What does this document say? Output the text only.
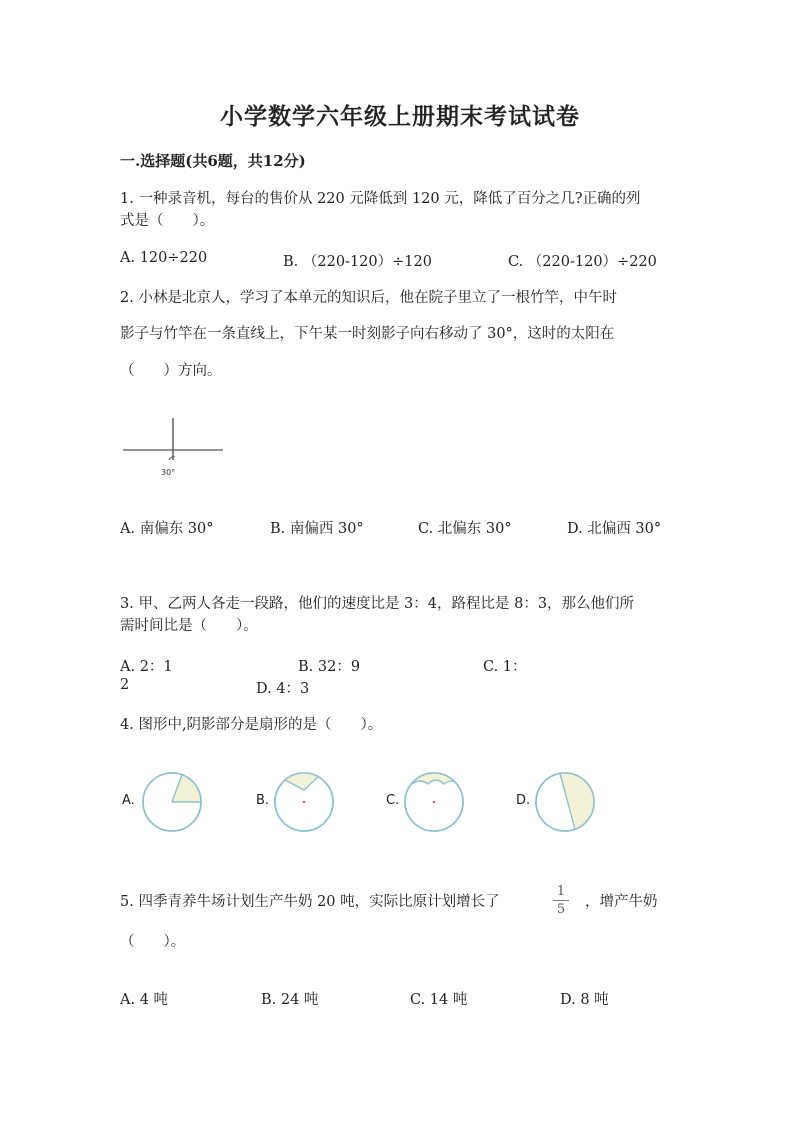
小学数学六年级上册期末考试试卷
一.选择题(共6题，共12分)
1. 一种录音机，每台的售价从 220 元降低到 120 元，降低了百分之几?正确的列
式是（　　）。
A. 120÷220	B. （220-120）÷120	C. （220-120）÷220
2. 小林是北京人，学习了本单元的知识后，他在院子里立了一根竹竿，中午时
影子与竹竿在一条直线上，下午某一时刻影子向右移动了 30°，这时的太阳在
（　　）方向。
30°
A. 南偏东 30°	B. 南偏西 30°	C. 北偏东 30°	D. 北偏西 30°
3. 甲、乙两人各走一段路，他们的速度比是 3：4，路程比是 8：3，那么他们所
需时间比是（　　）。
A. 2：1	B. 32：9	C. 1：
2	D. 4：3
4. 图形中,阴影部分是扇形的是（　　）。
A.	B.	C.	D.
5. 四季青养牛场计划生产牛奶 20 吨，实际比原计划增长了
1
5 ，增产牛奶
（　　）。
A. 4 吨	B. 24 吨	C. 14 吨	D. 8 吨
